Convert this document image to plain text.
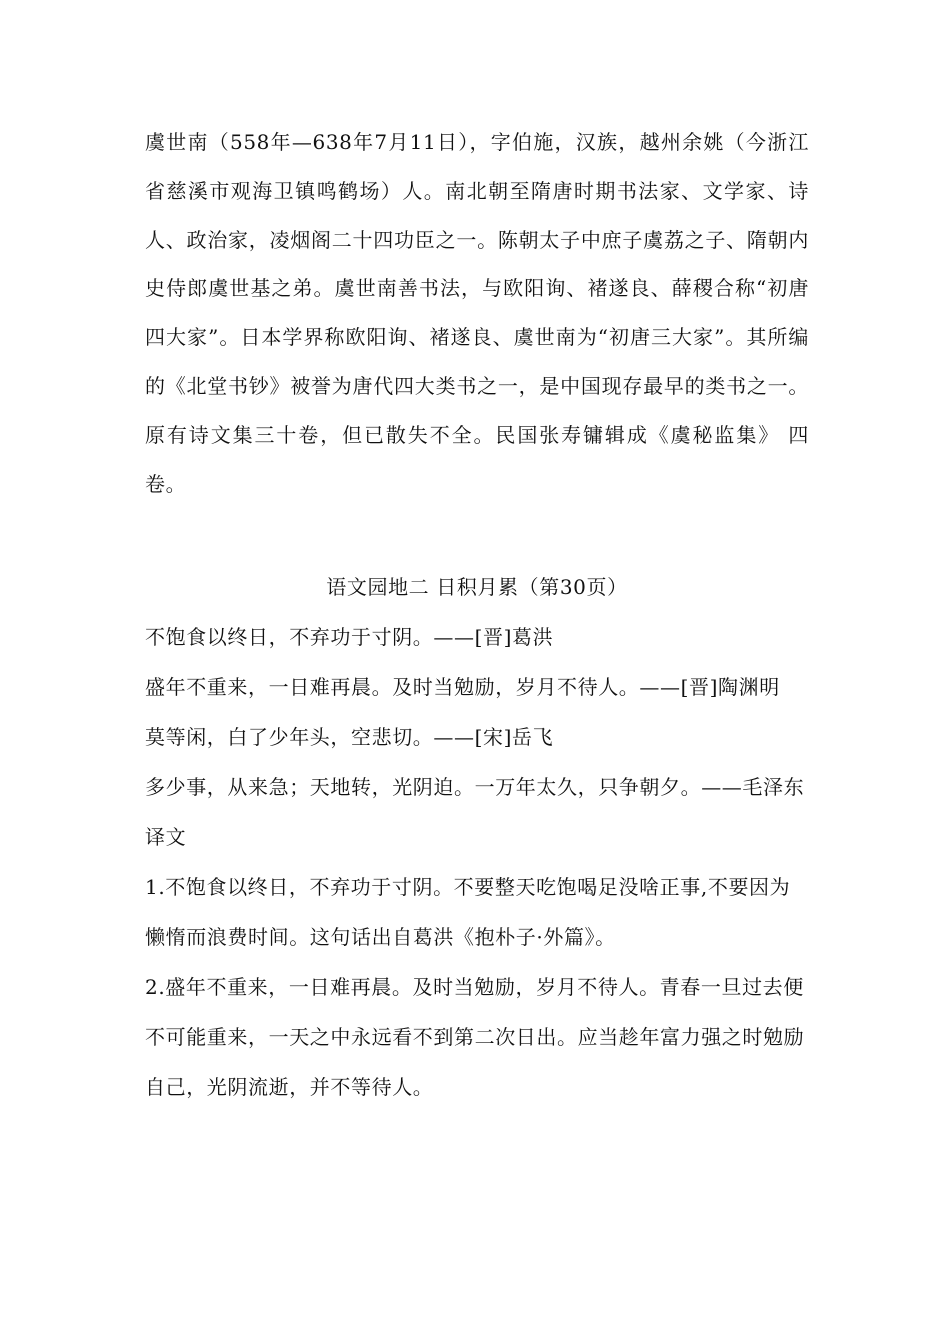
虞世南（558年—638年7月11日），字伯施，汉族，越州余姚（今浙江省慈溪市观海卫镇鸣鹤场）人。南北朝至隋唐时期书法家、文学家、诗人、政治家，凌烟阁二十四功臣之一。陈朝太子中庶子虞荔之子、隋朝内史侍郎虞世基之弟。虞世南善书法，与欧阳询、褚遂良、薛稷合称“初唐四大家”。日本学界称欧阳询、褚遂良、虞世南为“初唐三大家”。其所编的《北堂书钞》被誉为唐代四大类书之一，是中国现存最早的类书之一。原有诗文集三十卷，但已散失不全。民国张寿镛辑成《虞秘监集》 四卷。

语文园地二 日积月累（第30页）

不饱食以终日，不弃功于寸阴。——[晋]葛洪

盛年不重来，一日难再晨。及时当勉励，岁月不待人。——[晋]陶渊明

莫等闲，白了少年头，空悲切。——[宋]岳飞

多少事，从来急；天地转，光阴迫。一万年太久，只争朝夕。——毛泽东

译文

1.不饱食以终日，不弃功于寸阴。不要整天吃饱喝足没啥正事,不要因为懒惰而浪费时间。这句话出自葛洪《抱朴子·外篇》。

2.盛年不重来，一日难再晨。及时当勉励，岁月不待人。青春一旦过去便不可能重来，一天之中永远看不到第二次日出。应当趁年富力强之时勉励自己，光阴流逝，并不等待人。
